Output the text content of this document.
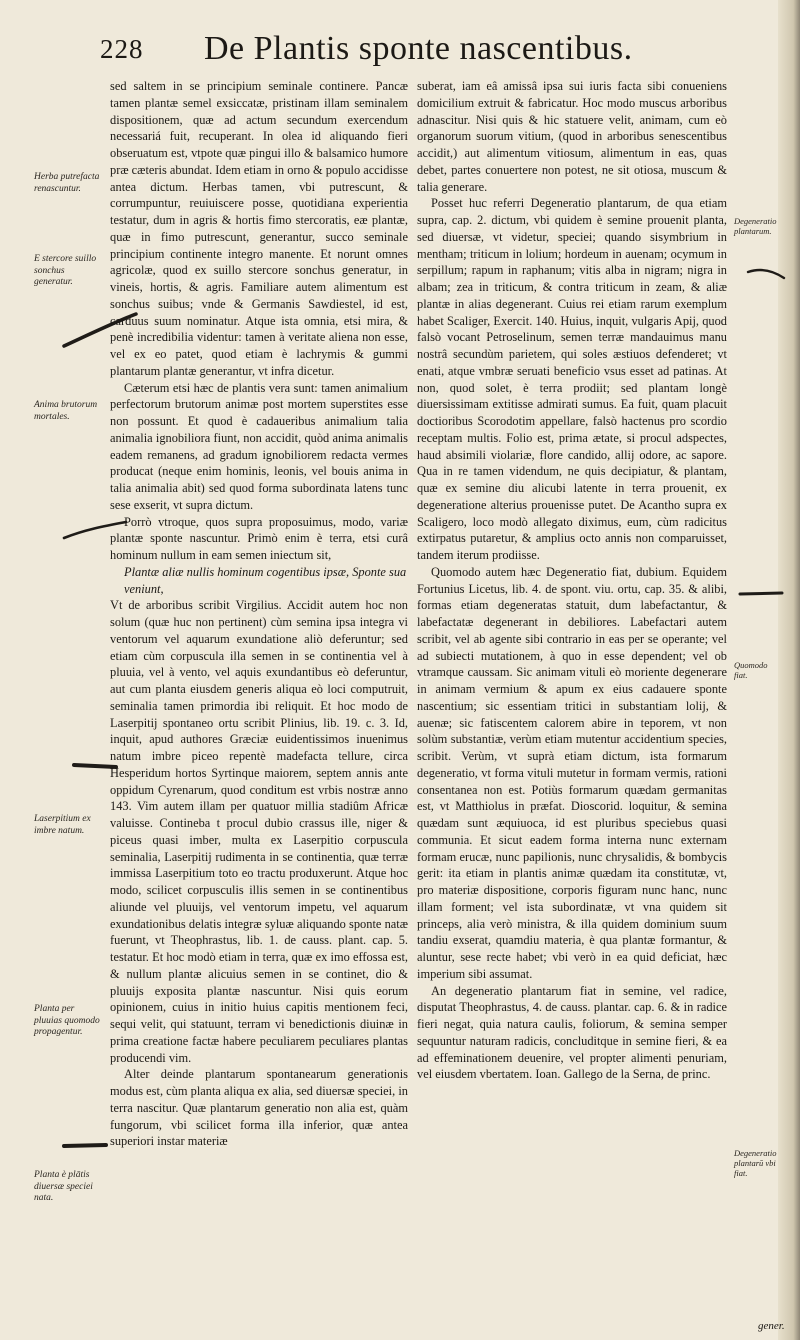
228 De Plantis sponte nascentibus.
Herba putrefacta renascuntur.
E stercore suillo sonchus generatur.
Anima brutorum mortales.
Laserpitium ex imbre natum.
Planta per pluuias quomodo propagentur.
Planta è plātis diuersæ speciei nata.
Degeneratio plantarum.
Quomodo fiat.
Degeneratio plantarū vbi fiat.

sed saltem in se principium seminale continere. Pancæ tamen plantæ semel exsiccatæ, pristinam illam seminalem dispositionem, quæ ad actum secundum exercendum necessariá fuit, recuperant. In olea id aliquando fieri obseruatum est, vtpote quæ pingui illo & balsamico humore præ cæteris abundat. Idem etiam in orno & populo accidisse antea dictum. Herbas tamen, vbi putrescunt, & corrumpuntur, reuiuiscere posse, quotidiana experientia testatur, dum in agris & hortis fimo stercoratis, eæ plantæ, quæ in fimo putrescunt, generantur, succo seminale principium continente integro manente. Et norunt omnes agricolæ, quod ex suillo stercore sonchus generatur, in vineis, hortis, & agris. Familiare autem alimentum est sonchus suibus; vnde & Germanis Sawdiestel, id est, carduus suum nominatur. Atque ista omnia, etsi mira, & penè incredibilia videntur: tamen à veritate aliena non esse, vel ex eo patet, quod etiam è lachrymis & gummi plantarum plantæ generantur, vt infra dicetur.

Cæterum etsi hæc de plantis vera sunt: tamen animalium perfectorum brutorum animæ post mortem superstites esse non possunt. Et quod è cadaueribus animalium talia animalia ignobiliora fiunt, non accidit, quòd anima animalis eadem remanens, ad gradum ignobiliorem redacta vermes producat (neque enim hominis, leonis, vel bouis anima in talia animalia abit) sed quod forma subordinata latens tunc sese exserit, vt supra dictum.

Porrò vtroque, quos supra proposuimus, modo, variæ plantæ sponte nascuntur. Primò enim è terra, etsi curâ hominum nullum in eam semen iniectum sit,

Plantæ aliæ nullis hominum cogentibus ipsæ, Sponte sua veniunt,

Vt de arboribus scribit Virgilius. Accidit autem hoc non solum (quæ huc non pertinent) cùm semina ipsa integra vi ventorum vel aquarum exundatione aliò deferuntur; sed etiam cùm corpuscula illa semen in se continentia vel à pluuia, vel à vento, vel aquis exundantibus eò deferuntur, aut cum planta eiusdem generis aliqua eò loci computruit, seminalia tamen primordia ibi reliquit. Et hoc modo de Laserpitij spontaneo ortu scribit Plinius, lib. 19. c. 3. Id, inquit, apud authores Græciæ euidentissimos inuenimus natum imbre piceo repentè madefacta tellure, circa Hesperidum hortos Syrtinque maiorem, septem annis ante oppidum Cyrenarum, quod conditum est vrbis nostræ anno 143. Vim autem illam per quatuor millia stadiûm Africæ valuisse. Contineba t procul dubio crassus ille, niger & piceus quasi imber, multa ex Laserpitio corpuscula seminalia, Laserpitij rudimenta in se continentia, quæ terræ immissa Laserpitium toto eo tractu produxerunt. Atque hoc modo, scilicet corpusculis illis semen in se continentibus aliunde vel pluuijs, vel ventorum impetu, vel aquarum exundationibus delatis integræ syluæ aliquando sponte natæ fuerunt, vt Theophrastus, lib. 1. de causs. plant. cap. 5. testatur. Et hoc modò etiam in terra, quæ ex imo effossa est, & nullum plantæ alicuius semen in se continet, dio & pluuijs exposita plantæ nascuntur. Nisi quis eorum opinionem, cuius in initio huius capitis mentionem feci, sequi velit, qui statuunt, terram vi benedictionis diuinæ in prima creatione factæ habere peculiarem peculiares plantas producendi vim.

Alter deinde plantarum spontanearum generationis modus est, cùm planta aliqua ex alia, sed diuersæ speciei, in terra nascitur. Quæ plantarum generatio non alia est, quàm fungorum, vbi scilicet forma illa inferior, quæ antea superiori instar materiæ

suberat, iam eâ amissâ ipsa sui iuris facta sibi conueniens domicilium extruit & fabricatur. Hoc modo muscus arboribus adnascitur. Nisi quis & hic statuere velit, animam, cum eò organorum suorum vitium, (quod in arboribus senescentibus accidit,) aut alimentum vitiosum, alimentum in eas, quas debet, partes conuertere non potest, ne sit otiosa, muscum & talia generare.

Posset huc referri Degeneratio plantarum, de qua etiam supra, cap. 2. dictum, vbi quidem è semine prouenit planta, sed diuersæ, vt videtur, speciei; quando sisymbrium in mentham; triticum in lolium; hordeum in auenam; ocymum in serpillum; rapum in raphanum; vitis alba in nigram; nigra in albam; zea in triticum, & contra triticum in zeam, & aliæ plantæ in alias degenerant. Cuius rei etiam rarum exemplum habet Scaliger, Exercit. 140. Huius, inquit, vulgaris Apij, quod falsò vocant Petroselinum, semen terræ mandauimus manu nostrâ secundùm parietem, qui soles æstiuos defenderet; vt enati, atque vmbræ seruati beneficio vsus esset ad patinas. At non, quod solet, è terra prodiit; sed plantam longè diuersissimam extitisse admirati sumus. Ea fuit, quam placuit doctioribus Scorodotim appellare, falsò hactenus pro scordio receptam multis. Folio est, prima ætate, si procul adspectes, haud absimili violariæ, flore candido, allij odore, ac sapore. Qua in re tamen videndum, ne quis decipiatur, & plantam, quæ ex semine diu alicubi latente in terra prouenit, ex degeneratione alterius prouenisse putet. De Acantho supra ex Scaligero, loco modò allegato diximus, eum, cùm radicitus extirpatus putaretur, & amplius octo annis non comparuisset, tandem iterum prodiisse.

Quomodo autem hæc Degeneratio fiat, dubium. Equidem Fortunius Licetus, lib. 4. de spont. viu. ortu, cap. 35. & alibi, formas etiam degeneratas statuit, dum labefactantur, & labefactatæ degenerant in debiliores. Labefactari autem scribit, vel ab agente sibi contrario in eas per se operante; vel ad subiecti mutationem, à quo in esse dependent; vel ob vtramque caussam. Sic animam vituli eò moriente degenerare in animam vermium & apum ex eius cadauere sponte nascentium; sic essentiam tritici in substantiam lolij, & auenæ; sic fatiscentem calorem abire in teporem, vt non solùm substantiæ, verùm etiam mutentur accidentium species, scribit. Verùm, vt suprà etiam dictum, ista formarum degeneratio, vt forma vituli mutetur in formam vermis, rationi consentanea non est. Potiùs formarum quædam germanitas est, vt Matthiolus in præfat. Dioscorid. loquitur, & semina quædam sunt æquiuoca, id est pluribus speciebus quasi communia. Et sicut eadem forma interna nunc externam formam erucæ, nunc papilionis, nunc chrysalidis, & bombycis gerit: ita etiam in plantis animæ quædam ita constitutæ, vt, pro materiæ dispositione, corporis figuram nunc hanc, nunc illam forment; vel ista subordinatæ, vt vna quidem sit princeps, alia verò ministra, & illa quidem dominium suum tandiu exserat, quamdiu materia, è qua plantæ formantur, & aluntur, sese recte habet; vbi verò in ea quid deficiat, hæc imperium sibi assumat.

An degeneratio plantarum fiat in semine, vel radice, disputat Theophrastus, 4. de causs. plantar. cap. 6. & in radice fieri negat, quia natura caulis, foliorum, & semina semper sequuntur naturam radicis, concluditque in semine fieri, & ea ad effeminationem deuenire, vel propter alimenti penuriam, vel eiusdem vbertatem. Ioan. Gallego de la Serna, de princ.

gener.
